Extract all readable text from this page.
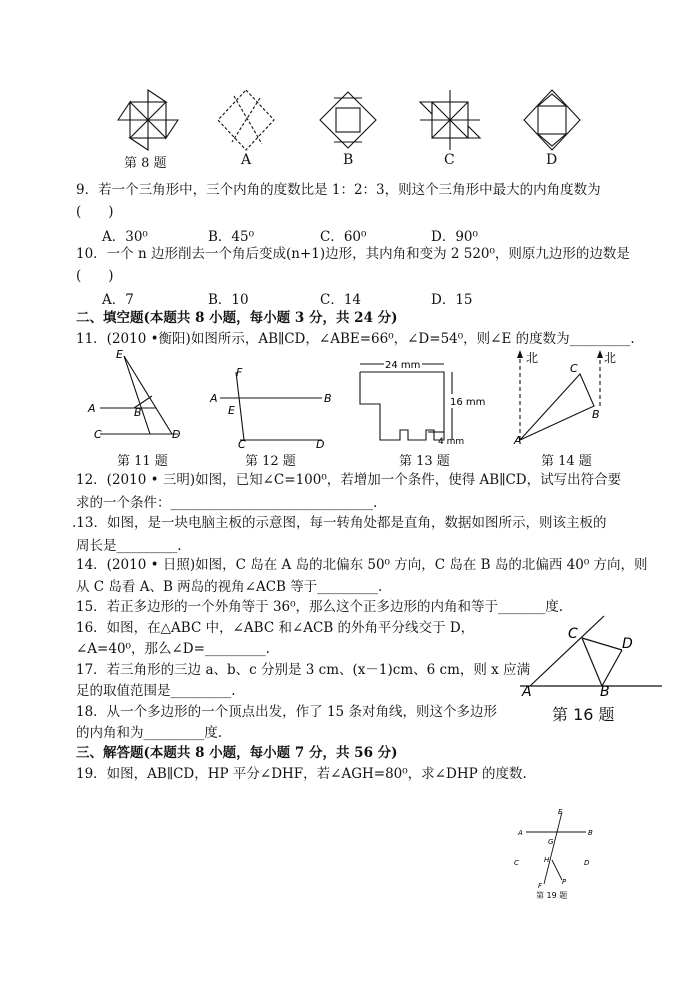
第 8 题	A	B	C	D
9．若一个三角形中，三个内角的度数比是 1：2：3，则这个三角形中最大的内角度数为
(　　)
A．30⁰	B．45⁰	C．60⁰	D．90⁰
10．一个 n 边形削去一个角后变成(n+1)边形，其内角和变为 2 520⁰，则原九边形的边数是
(　　)
A．7	B．10	C．14	D．15
二、填空题(本题共 8 小题，每小题 3 分，共 24 分)
11．(2010 •衡阳)如图所示，AB∥CD，∠ABE=66⁰，∠D=54⁰，则∠E 的度数为_________.
E
A	B
C	D
第 11 题
F
A
E
B
C	D
第 12 题
24 mm
16 mm
4 mm
第 13 题
北	北
C
B
A
第 14 题
12．(2010 • 三明)如图，已知∠C=100⁰，若增加一个条件，使得 AB∥CD，试写出符合要
求的一个条件：______________________________.
.13．如图，是一块电脑主板的示意图，每一转角处都是直角，数据如图所示，则该主板的
周长是_________.
14．(2010 • 日照)如图，C 岛在 A 岛的北偏东 50⁰ 方向，C 岛在 B 岛的北偏西 40⁰ 方向，则
从 C 岛看 A、B 两岛的视角∠ACB 等于_________.
15．若正多边形的一个外角等于 36⁰，那么这个正多边形的内角和等于_______度.
16．如图，在△ABC 中，∠ABC 和∠ACB 的外角平分线交于 D，
∠A=40⁰，那么∠D=_________.
17．若三角形的三边 a、b、c 分别是 3 cm、(x－1)cm、6 cm，则 x 应满
足的取值范围是_________.
18．从一个多边形的一个顶点出发，作了 15 条对角线，则这个多边形
的内角和为_________度.
C
D
A	B
第 16 题
三、解答题(本题共 8 小题，每小题 7 分，共 56 分)
19．如图，AB∥CD，HP 平分∠DHF，若∠AGH=80⁰，求∠DHP 的度数.
E
A	B
G
C	D
H
F	P
第 19 题
